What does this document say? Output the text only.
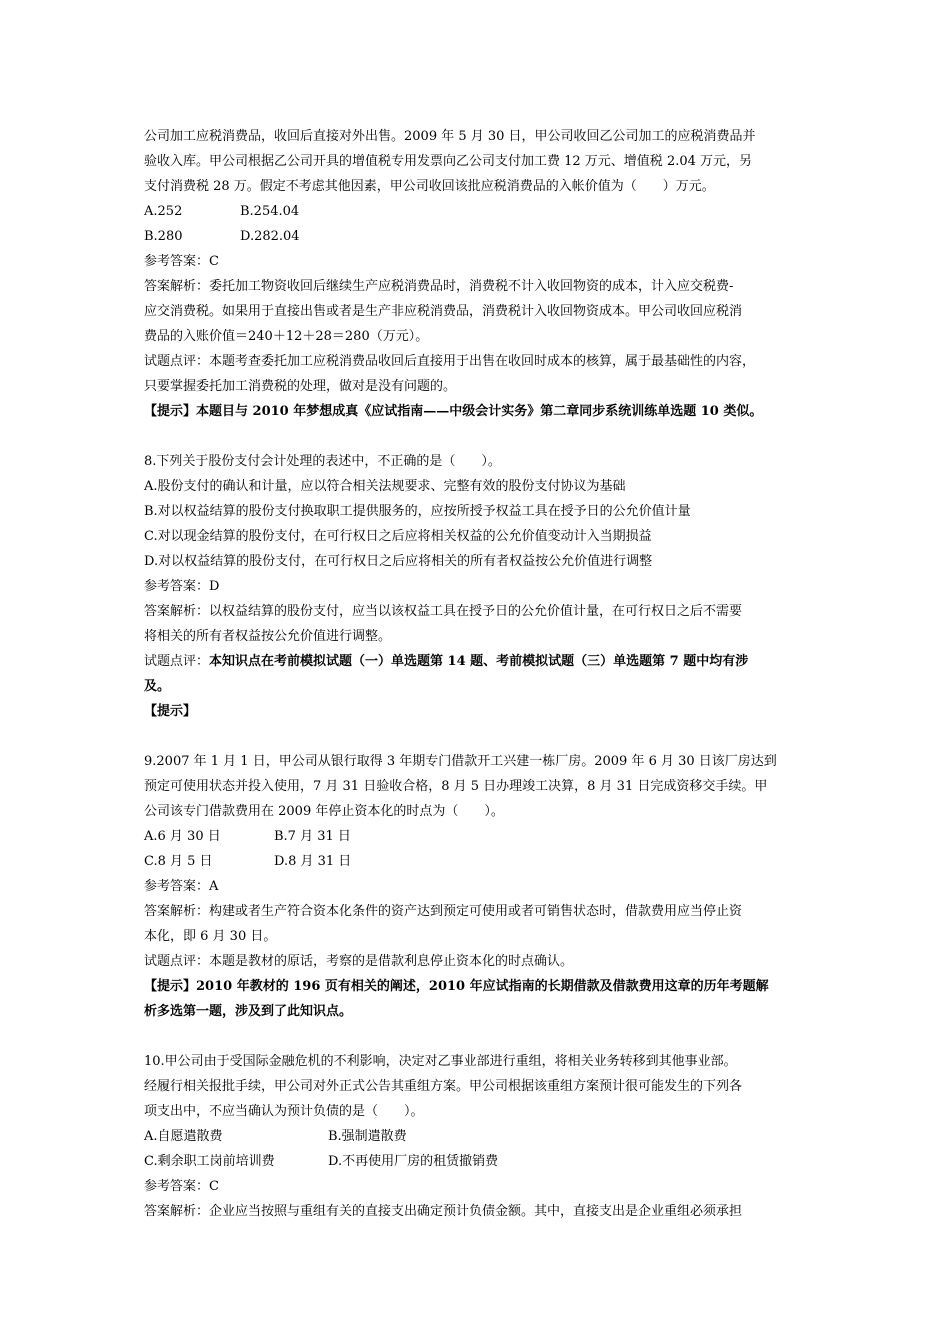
公司加工应税消费品，收回后直接对外出售。2009 年 5 月 30 日，甲公司收回乙公司加工的应税消费品并
验收入库。甲公司根据乙公司开具的增值税专用发票向乙公司支付加工费 12 万元、增值税 2.04 万元，另
支付消费税 28 万。假定不考虑其他因素，甲公司收回该批应税消费品的入帐价值为（　　）万元。
A.252	B.254.04
B.280	D.282.04
参考答案：C
答案解析：委托加工物资收回后继续生产应税消费品时，消费税不计入收回物资的成本，计入应交税费-
应交消费税。如果用于直接出售或者是生产非应税消费品，消费税计入收回物资成本。甲公司收回应税消
费品的入账价值＝240＋12＋28＝280（万元）。
试题点评：本题考查委托加工应税消费品收回后直接用于出售在收回时成本的核算，属于最基础性的内容，
只要掌握委托加工消费税的处理，做对是没有问题的。
【提示】本题目与 2010 年梦想成真《应试指南——中级会计实务》第二章同步系统训练单选题 10 类似。
8.下列关于股份支付会计处理的表述中，不正确的是（　　）。
A.股份支付的确认和计量，应以符合相关法规要求、完整有效的股份支付协议为基础
B.对以权益结算的股份支付换取职工提供服务的，应按所授予权益工具在授予日的公允价值计量
C.对以现金结算的股份支付，在可行权日之后应将相关权益的公允价值变动计入当期损益
D.对以权益结算的股份支付，在可行权日之后应将相关的所有者权益按公允价值进行调整
参考答案：D
答案解析：以权益结算的股份支付，应当以该权益工具在授予日的公允价值计量，在可行权日之后不需要
将相关的所有者权益按公允价值进行调整。
试题点评：本知识点在考前模拟试题（一）单选题第 14 题、考前模拟试题（三）单选题第 7 题中均有涉
及。
【提示】
9.2007 年 1 月 1 日，甲公司从银行取得 3 年期专门借款开工兴建一栋厂房。2009 年 6 月 30 日该厂房达到
预定可使用状态并投入使用，7 月 31 日验收合格，8 月 5 日办理竣工决算，8 月 31 日完成资移交手续。甲
公司该专门借款费用在 2009 年停止资本化的时点为（　　）。
A.6 月 30 日	B.7 月 31 日
C.8 月 5 日	D.8 月 31 日
参考答案：A
答案解析：构建或者生产符合资本化条件的资产达到预定可使用或者可销售状态时，借款费用应当停止资
本化，即 6 月 30 日。
试题点评：本题是教材的原话，考察的是借款利息停止资本化的时点确认。
【提示】2010 年教材的 196 页有相关的阐述，2010 年应试指南的长期借款及借款费用这章的历年考题解
析多选第一题，涉及到了此知识点。
10.甲公司由于受国际金融危机的不利影响，决定对乙事业部进行重组，将相关业务转移到其他事业部。
经履行相关报批手续，甲公司对外正式公告其重组方案。甲公司根据该重组方案预计很可能发生的下列各
项支出中，不应当确认为预计负债的是（　　）。
A.自愿遣散费	B.强制遣散费
C.剩余职工岗前培训费	D.不再使用厂房的租赁撤销费
参考答案：C
答案解析：企业应当按照与重组有关的直接支出确定预计负债金额。其中，直接支出是企业重组必须承担
